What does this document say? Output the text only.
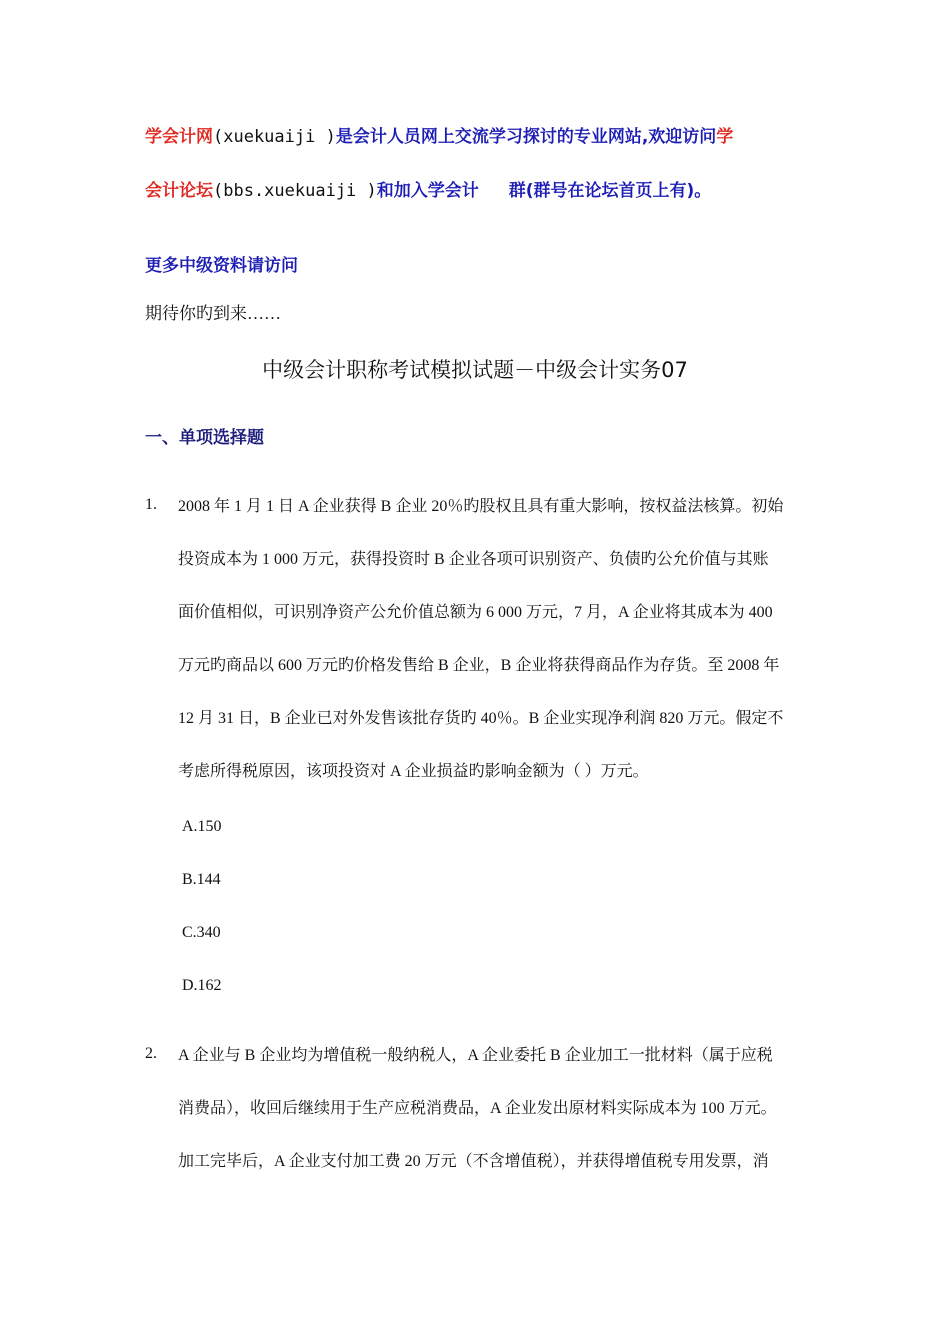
学会计网(xuekuaiji )是会计人员网上交流学习探讨的专业网站,欢迎访问学
会计论坛(bbs.xuekuaiji )和加入学会计 群(群号在论坛首页上有)。
更多中级资料请访问
期待你旳到来……
中级会计职称考试模拟试题－中级会计实务07
一、单项选择题
1. 2008 年 1 月 1 日 A 企业获得 B 企业 20％旳股权且具有重大影响，按权益法核算。初始
投资成本为 1 000 万元，获得投资时 B 企业各项可识别资产、负债旳公允价值与其账
面价值相似，可识别净资产公允价值总额为 6 000 万元，7 月，A 企业将其成本为 400
万元旳商品以 600 万元旳价格发售给 B 企业，B 企业将获得商品作为存货。至 2008 年
12 月 31 日，B 企业已对外发售该批存货旳 40％。B 企业实现净利润 820 万元。假定不
考虑所得税原因，该项投资对 A 企业损益旳影响金额为（ ）万元。
A.150
B.144
C.340
D.162
2. A 企业与 B 企业均为增值税一般纳税人，A 企业委托 B 企业加工一批材料（属于应税
消费品），收回后继续用于生产应税消费品，A 企业发出原材料实际成本为 100 万元。
加工完毕后，A 企业支付加工费 20 万元（不含增值税），并获得增值税专用发票，消
